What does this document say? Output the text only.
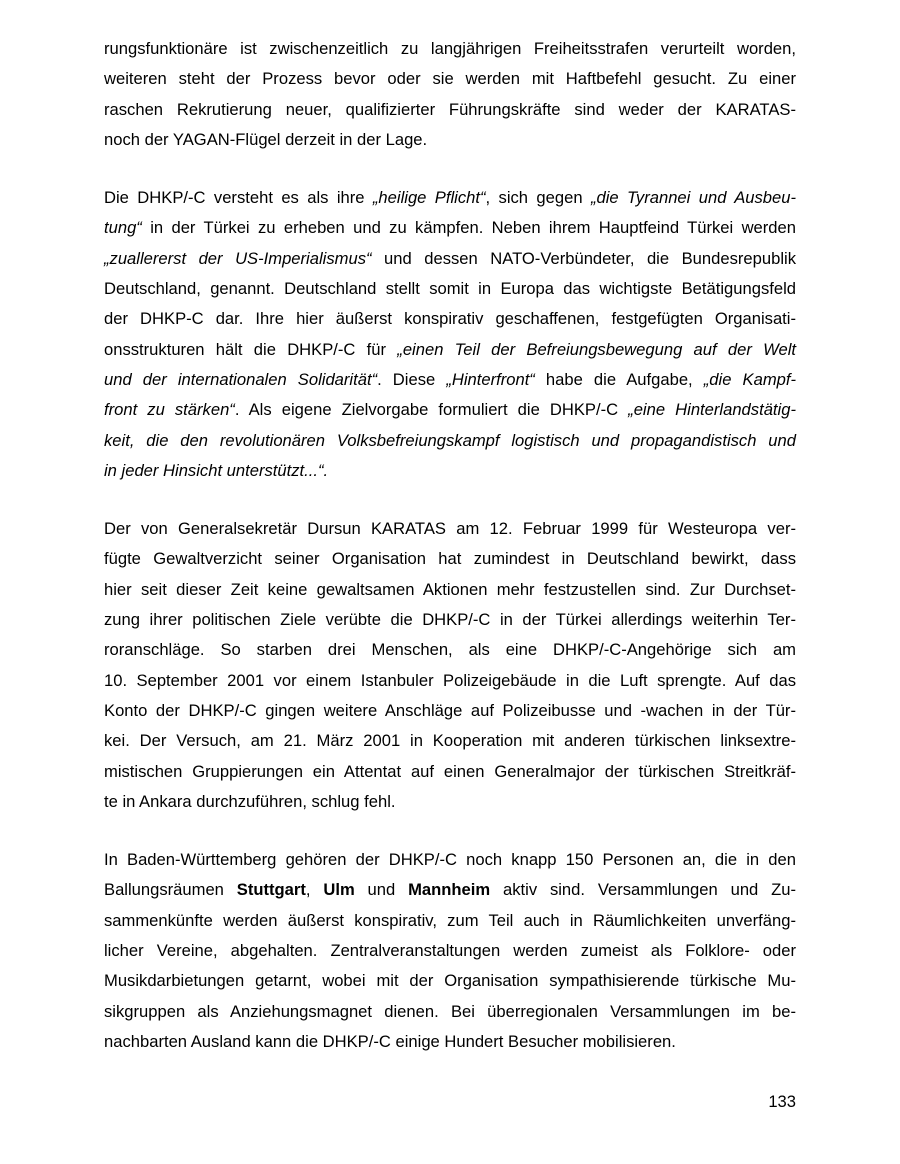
rungsfunktionäre ist zwischenzeitlich zu langjährigen Freiheitsstrafen verurteilt worden,
weiteren steht der Prozess bevor oder sie werden mit Haftbefehl gesucht. Zu einer
raschen Rekrutierung neuer, qualifizierter Führungskräfte sind weder der KARATAS-
noch der YAGAN-Flügel derzeit in der Lage.
Die DHKP/-C versteht es als ihre „heilige Pflicht“, sich gegen „die Tyrannei und Ausbeu-
tung“ in der Türkei zu erheben und zu kämpfen. Neben ihrem Hauptfeind Türkei werden
„zuallererst der US-Imperialismus“ und dessen NATO-Verbündeter, die Bundesrepublik
Deutschland, genannt. Deutschland stellt somit in Europa das wichtigste Betätigungsfeld
der DHKP-C dar. Ihre hier äußerst konspirativ geschaffenen, festgefügten Organisati-
onsstrukturen hält die DHKP/-C für „einen Teil der Befreiungsbewegung auf der Welt
und der internationalen Solidarität“. Diese „Hinterfront“ habe die Aufgabe, „die Kampf-
front zu stärken“. Als eigene Zielvorgabe formuliert die DHKP/-C „eine Hinterlandstätig-
keit, die den revolutionären Volksbefreiungskampf logistisch und propagandistisch und
in jeder Hinsicht unterstützt...“.
Der von Generalsekretär Dursun KARATAS am 12. Februar 1999 für Westeuropa ver-
fügte Gewaltverzicht seiner Organisation hat zumindest in Deutschland bewirkt, dass
hier seit dieser Zeit keine gewaltsamen Aktionen mehr festzustellen sind. Zur Durchset-
zung ihrer politischen Ziele verübte die DHKP/-C in der Türkei allerdings weiterhin Ter-
roranschläge. So starben drei Menschen, als eine DHKP/-C-Angehörige sich am
10. September 2001 vor einem Istanbuler Polizeigebäude in die Luft sprengte. Auf das
Konto der DHKP/-C gingen weitere Anschläge auf Polizeibusse und -wachen in der Tür-
kei. Der Versuch, am 21. März 2001 in Kooperation mit anderen türkischen linksextre-
mistischen Gruppierungen ein Attentat auf einen Generalmajor der türkischen Streitkräf-
te in Ankara durchzuführen, schlug fehl.
In Baden-Württemberg gehören der DHKP/-C noch knapp 150 Personen an, die in den
Ballungsräumen Stuttgart, Ulm und Mannheim aktiv sind. Versammlungen und Zu-
sammenkünfte werden äußerst konspirativ, zum Teil auch in Räumlichkeiten unverfäng-
licher Vereine, abgehalten. Zentralveranstaltungen werden zumeist als Folklore- oder
Musikdarbietungen getarnt, wobei mit der Organisation sympathisierende türkische Mu-
sikgruppen als Anziehungsmagnet dienen. Bei überregionalen Versammlungen im be-
nachbarten Ausland kann die DHKP/-C einige Hundert Besucher mobilisieren.
133
